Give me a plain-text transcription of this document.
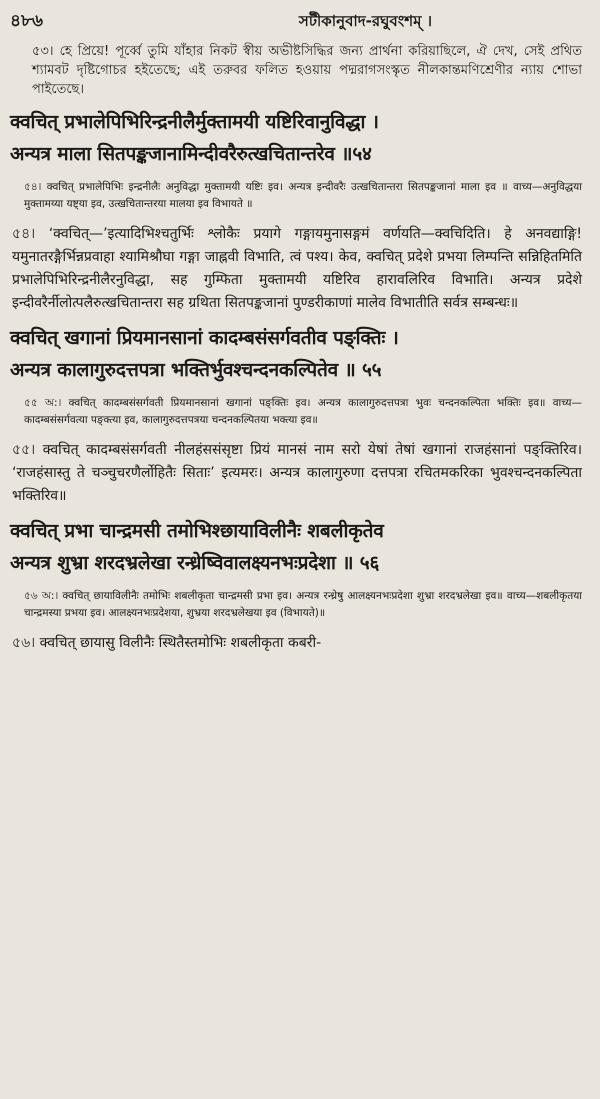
৪৮৬	সটীকানুবাদ-রঘুবংশম্ ।

৫৩। হে প্রিয়ে! পূর্ব্বে তুমি যাঁহার নিকট স্বীয় অভীষ্টসিদ্ধির জন্য প্রার্থনা করিয়াছিলে, ঐ দেখ, সেই প্রথিত শ্যামবট দৃষ্টিগোচর হইতেছে; এই তরুবর ফলিত হওয়ায় পদ্মরাগসংস্কৃত নীলকান্তমণিশ্রেণীর ন্যায় শোভা পাইতেছে।

क्वचित् प्रभालेपिभिरिन्द्रनीलैर्मुक्तामयी यष्टिरिवानुविद्धा ।

अन्यत्र माला सितपङ्कजानामिन्दीवरैरुत्खचितान्तरेव ॥५४

৫৪। क्वचित् प्रभालेपिभिः इन्द्रनीलैः अनुविद्धा मुक्तामयी यष्टिः इव। अन्यत्र इन्दीवरैः उत्खचितान्तरा सितपङ्कजानां माला इव ॥ वाच्य—अनुविद्धया मुक्तामय्या यष्ट्या इव, उत्खचितान्तरया मालया इव विभायते ॥

৫৪। ‘क्वचित्—’इत्यादिभिश्चतुर्भिः श्लोकैः प्रयागे गङ्गायमुनासङ्गमं वर्णयति—क्वचिदिति। हे अनवद्याङ्गि! यमुनातरङ्गैर्भिन्नप्रवाहा श्यामिश्रौघा गङ्गा जाह्नवी विभाति, त्वं पश्य। केव, क्वचित् प्रदेशे प्रभया लिम्पन्ति सन्निहितमिति प्रभालेपिभिरिन्द्रनीलैरनुविद्धा, सह गुम्फिता मुक्तामयी यष्टिरिव हारावलिरिव विभाति। अन्यत्र प्रदेशे इन्दीवरैर्नीलोत्पलैरुत्खचितान्तरा सह ग्रथिता सितपङ्कजानां पुण्डरीकाणां मालेव विभातीति सर्वत्र सम्बन्धः॥

क्वचित् खगानां प्रियमानसानां कादम्बसंसर्गवतीव पङ्क्तिः ।

अन्यत्र कालागुरुदत्तपत्रा भक्तिर्भुवश्चन्दनकल्पितेव ॥ ५५

৫৫ অ:। क्वचित् कादम्बसंसर्गवती प्रियमानसानां खगानां पङ्क्तिः इव। अन्यत्र कालागुरुदत्तपत्रा भुवः चन्दनकल्पिता भक्तिः इव॥ वाच्य—कादम्बसंसर्गवत्या पङ्क्त्या इव, कालागुरुदत्तपत्रया चन्दनकल्पितया भक्त्या इव॥

৫৫। क्वचित् कादम्बसंसर्गवती नीलहंससंसृष्टा प्रियं मानसं नाम सरो येषां तेषां खगानां राजहंसानां पङ्क्तिरिव। ‘राजहंसास्तु ते चञ्चुचरणैर्लोहितैः सिताः’ इत्यमरः। अन्यत्र कालागुरुणा दत्तपत्रा रचितमकरिका भुवश्चन्दनकल्पिता भक्तिरिव॥

क्वचित् प्रभा चान्द्रमसी तमोभिश्छायाविलीनैः शबलीकृतेव

अन्यत्र शुभ्रा शरदभ्रलेखा रन्ध्रेष्विवालक्ष्यनभःप्रदेशा ॥ ५६

৫৬ অ:। क्वचित् छायाविलीनैः तमोभिः शबलीकृता चान्द्रमसी प्रभा इव। अन्यत्र रन्ध्रेषु आलक्ष्यनभःप्रदेशा शुभ्रा शरदभ्रलेखा इव॥ वाच्य—शबलीकृतया चान्द्रमस्या प्रभया इव। आलक्ष्यनभःप्रदेशया, शुभ्रया शरदभ्रलेखया इव (विभायते)॥

৫৬। क्वचित् छायासु विलीनैः स्थितैस्तमोभिः शबलीकृता कबरी-
